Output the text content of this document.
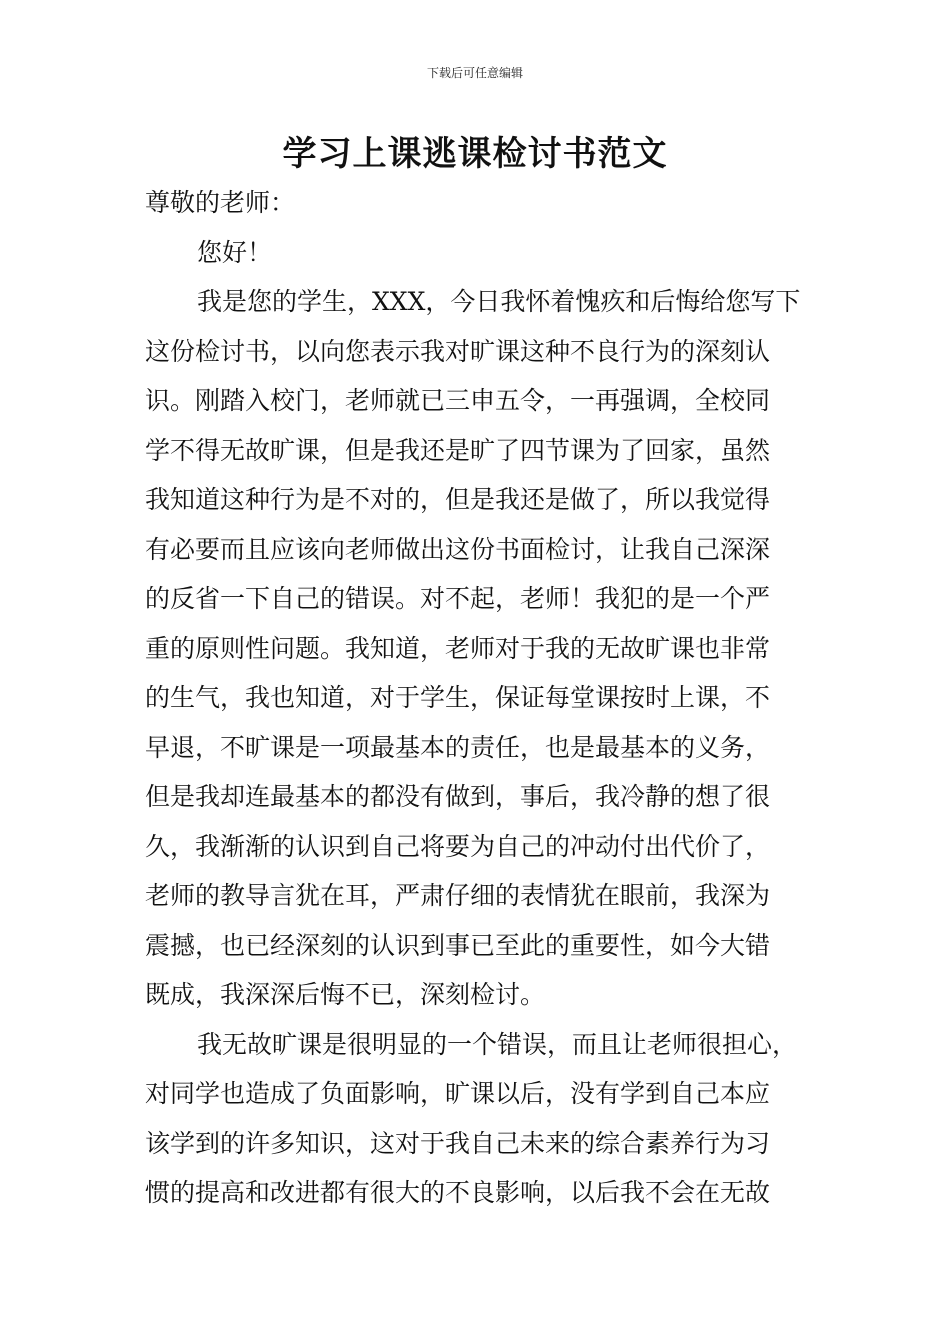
下载后可任意编辑
学习上课逃课检讨书范文
尊敬的老师：
您好！
我是您的学生，XXX，今日我怀着愧疚和后悔给您写下
这份检讨书，以向您表示我对旷课这种不良行为的深刻认
识。刚踏入校门，老师就已三申五令，一再强调，全校同
学不得无故旷课，但是我还是旷了四节课为了回家，虽然
我知道这种行为是不对的，但是我还是做了，所以我觉得
有必要而且应该向老师做出这份书面检讨，让我自己深深
的反省一下自己的错误。对不起，老师！我犯的是一个严
重的原则性问题。我知道，老师对于我的无故旷课也非常
的生气，我也知道，对于学生，保证每堂课按时上课，不
早退，不旷课是一项最基本的责任，也是最基本的义务，
但是我却连最基本的都没有做到，事后，我冷静的想了很
久，我渐渐的认识到自己将要为自己的冲动付出代价了，
老师的教导言犹在耳，严肃仔细的表情犹在眼前，我深为
震撼，也已经深刻的认识到事已至此的重要性，如今大错
既成，我深深后悔不已，深刻检讨。
我无故旷课是很明显的一个错误，而且让老师很担心，
对同学也造成了负面影响，旷课以后，没有学到自己本应
该学到的许多知识，这对于我自己未来的综合素养行为习
惯的提高和改进都有很大的不良影响，以后我不会在无故
